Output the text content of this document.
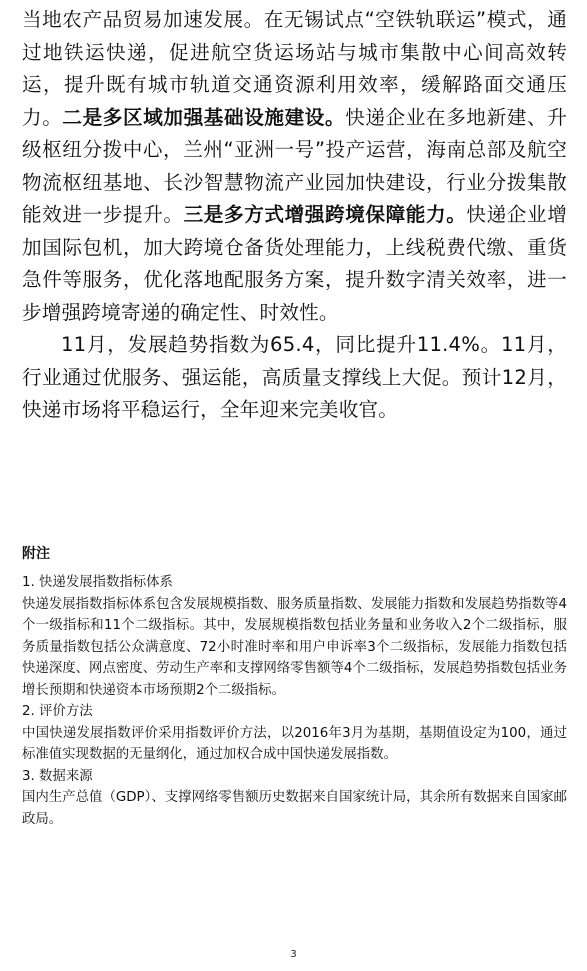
当地农产品贸易加速发展。在无锡试点“空铁轨联运”模式，通过地铁运快递，促进航空货运场站与城市集散中心间高效转运，提升既有城市轨道交通资源利用效率，缓解路面交通压力。二是多区域加强基础设施建设。快递企业在多地新建、升级枢纽分拨中心，兰州“亚洲一号”投产运营，海南总部及航空物流枢纽基地、长沙智慧物流产业园加快建设，行业分拨集散能效进一步提升。三是多方式增强跨境保障能力。快递企业增加国际包机，加大跨境仓备货处理能力，上线税费代缴、重货急件等服务，优化落地配服务方案，提升数字清关效率，进一步增强跨境寄递的确定性、时效性。

11月，发展趋势指数为65.4，同比提升11.4%。11月，行业通过优服务、强运能，高质量支撑线上大促。预计12月，快递市场将平稳运行，全年迎来完美收官。

附注

1. 快递发展指数指标体系

快递发展指数指标体系包含发展规模指数、服务质量指数、发展能力指数和发展趋势指数等4个一级指标和11个二级指标。其中，发展规模指数包括业务量和业务收入2个二级指标，服务质量指数包括公众满意度、72小时准时率和用户申诉率3个二级指标，发展能力指数包括快递深度、网点密度、劳动生产率和支撑网络零售额等4个二级指标，发展趋势指数包括业务增长预期和快递资本市场预期2个二级指标。

2. 评价方法

中国快递发展指数评价采用指数评价方法，以2016年3月为基期，基期值设定为100，通过标准值实现数据的无量纲化，通过加权合成中国快递发展指数。

3. 数据来源

国内生产总值（GDP）、支撑网络零售额历史数据来自国家统计局，其余所有数据来自国家邮政局。

3
